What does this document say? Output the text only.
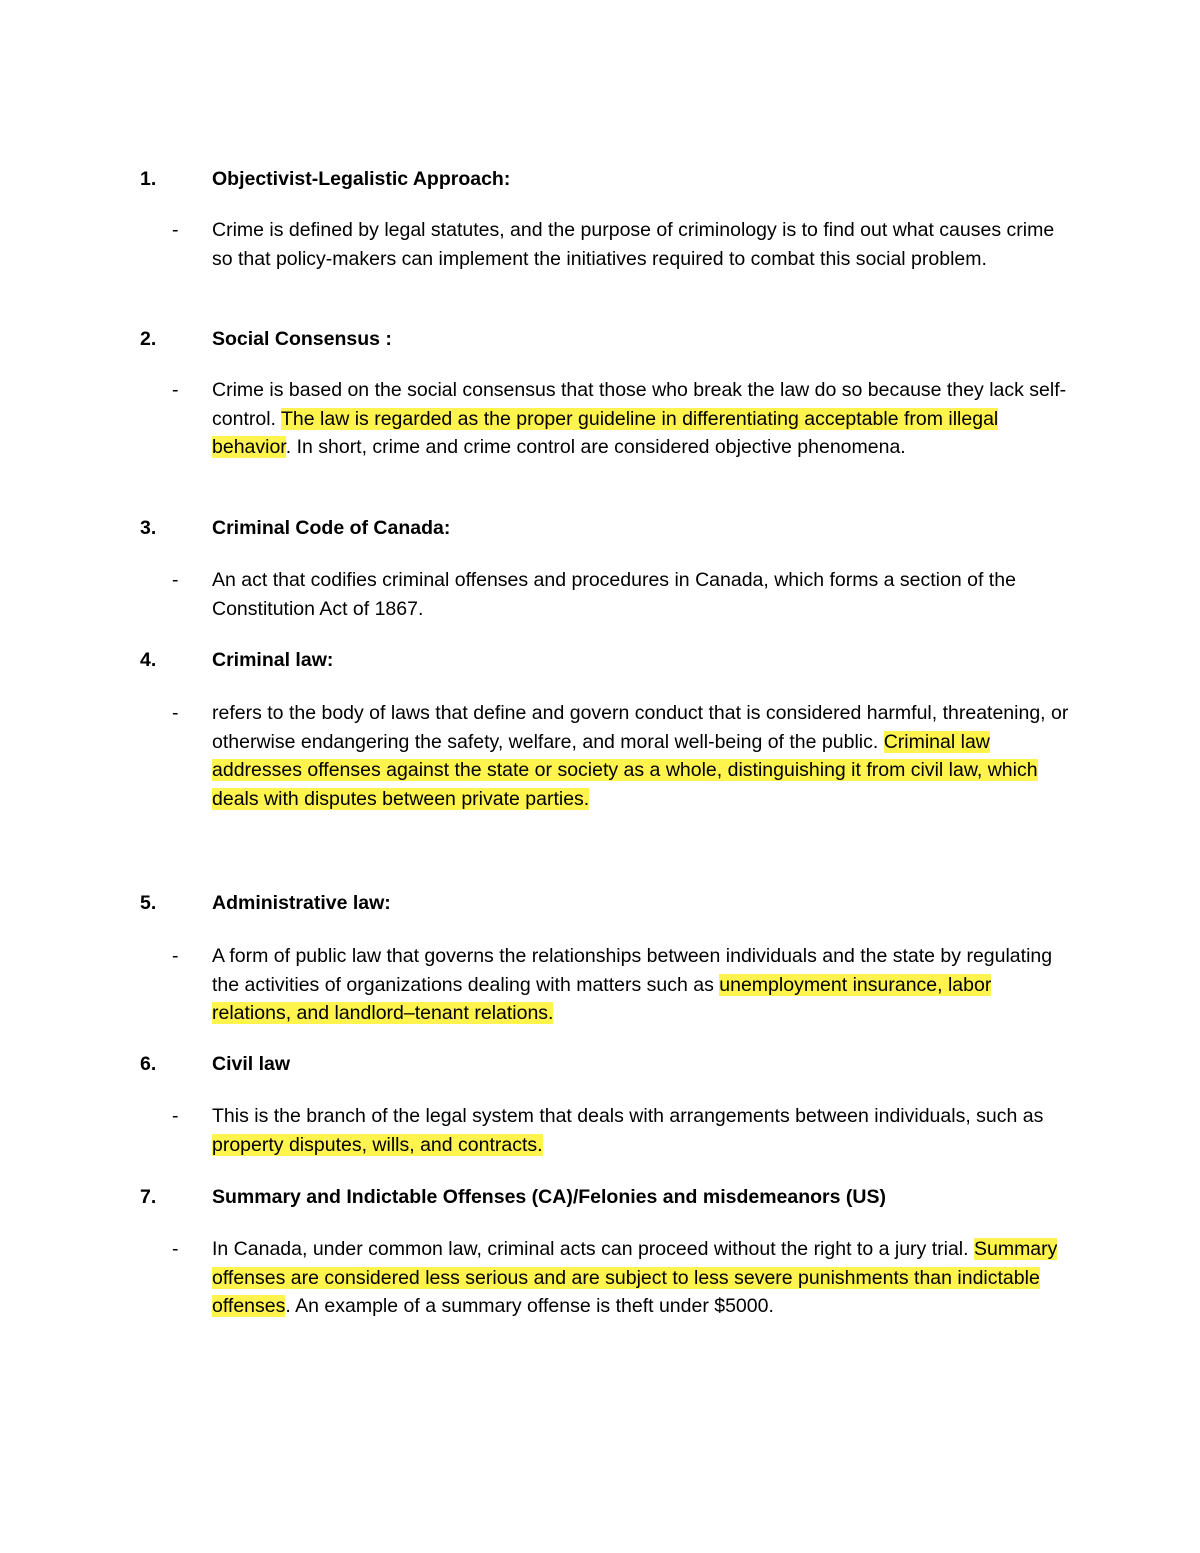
1.	Objectivist-Legalistic Approach:
- Crime is defined by legal statutes, and the purpose of criminology is to find out what causes crime so that policy-makers can implement the initiatives required to combat this social problem.
2.	Social Consensus :
- Crime is based on the social consensus that those who break the law do so because they lack self-control. The law is regarded as the proper guideline in differentiating acceptable from illegal behavior. In short, crime and crime control are considered objective phenomena.
3.	Criminal Code of Canada:
- An act that codifies criminal offenses and procedures in Canada, which forms a section of the Constitution Act of 1867.
4.	Criminal law:
- refers to the body of laws that define and govern conduct that is considered harmful, threatening, or otherwise endangering the safety, welfare, and moral well-being of the public. Criminal law addresses offenses against the state or society as a whole, distinguishing it from civil law, which deals with disputes between private parties.
5.	Administrative law:
- A form of public law that governs the relationships between individuals and the state by regulating the activities of organizations dealing with matters such as unemployment insurance, labor relations, and landlord–tenant relations.
6.	Civil law
- This is the branch of the legal system that deals with arrangements between individuals, such as property disputes, wills, and contracts.
7.	Summary and Indictable Offenses (CA)/Felonies and misdemeanors (US)
- In Canada, under common law, criminal acts can proceed without the right to a jury trial. Summary offenses are considered less serious and are subject to less severe punishments than indictable offenses. An example of a summary offense is theft under $5000.
